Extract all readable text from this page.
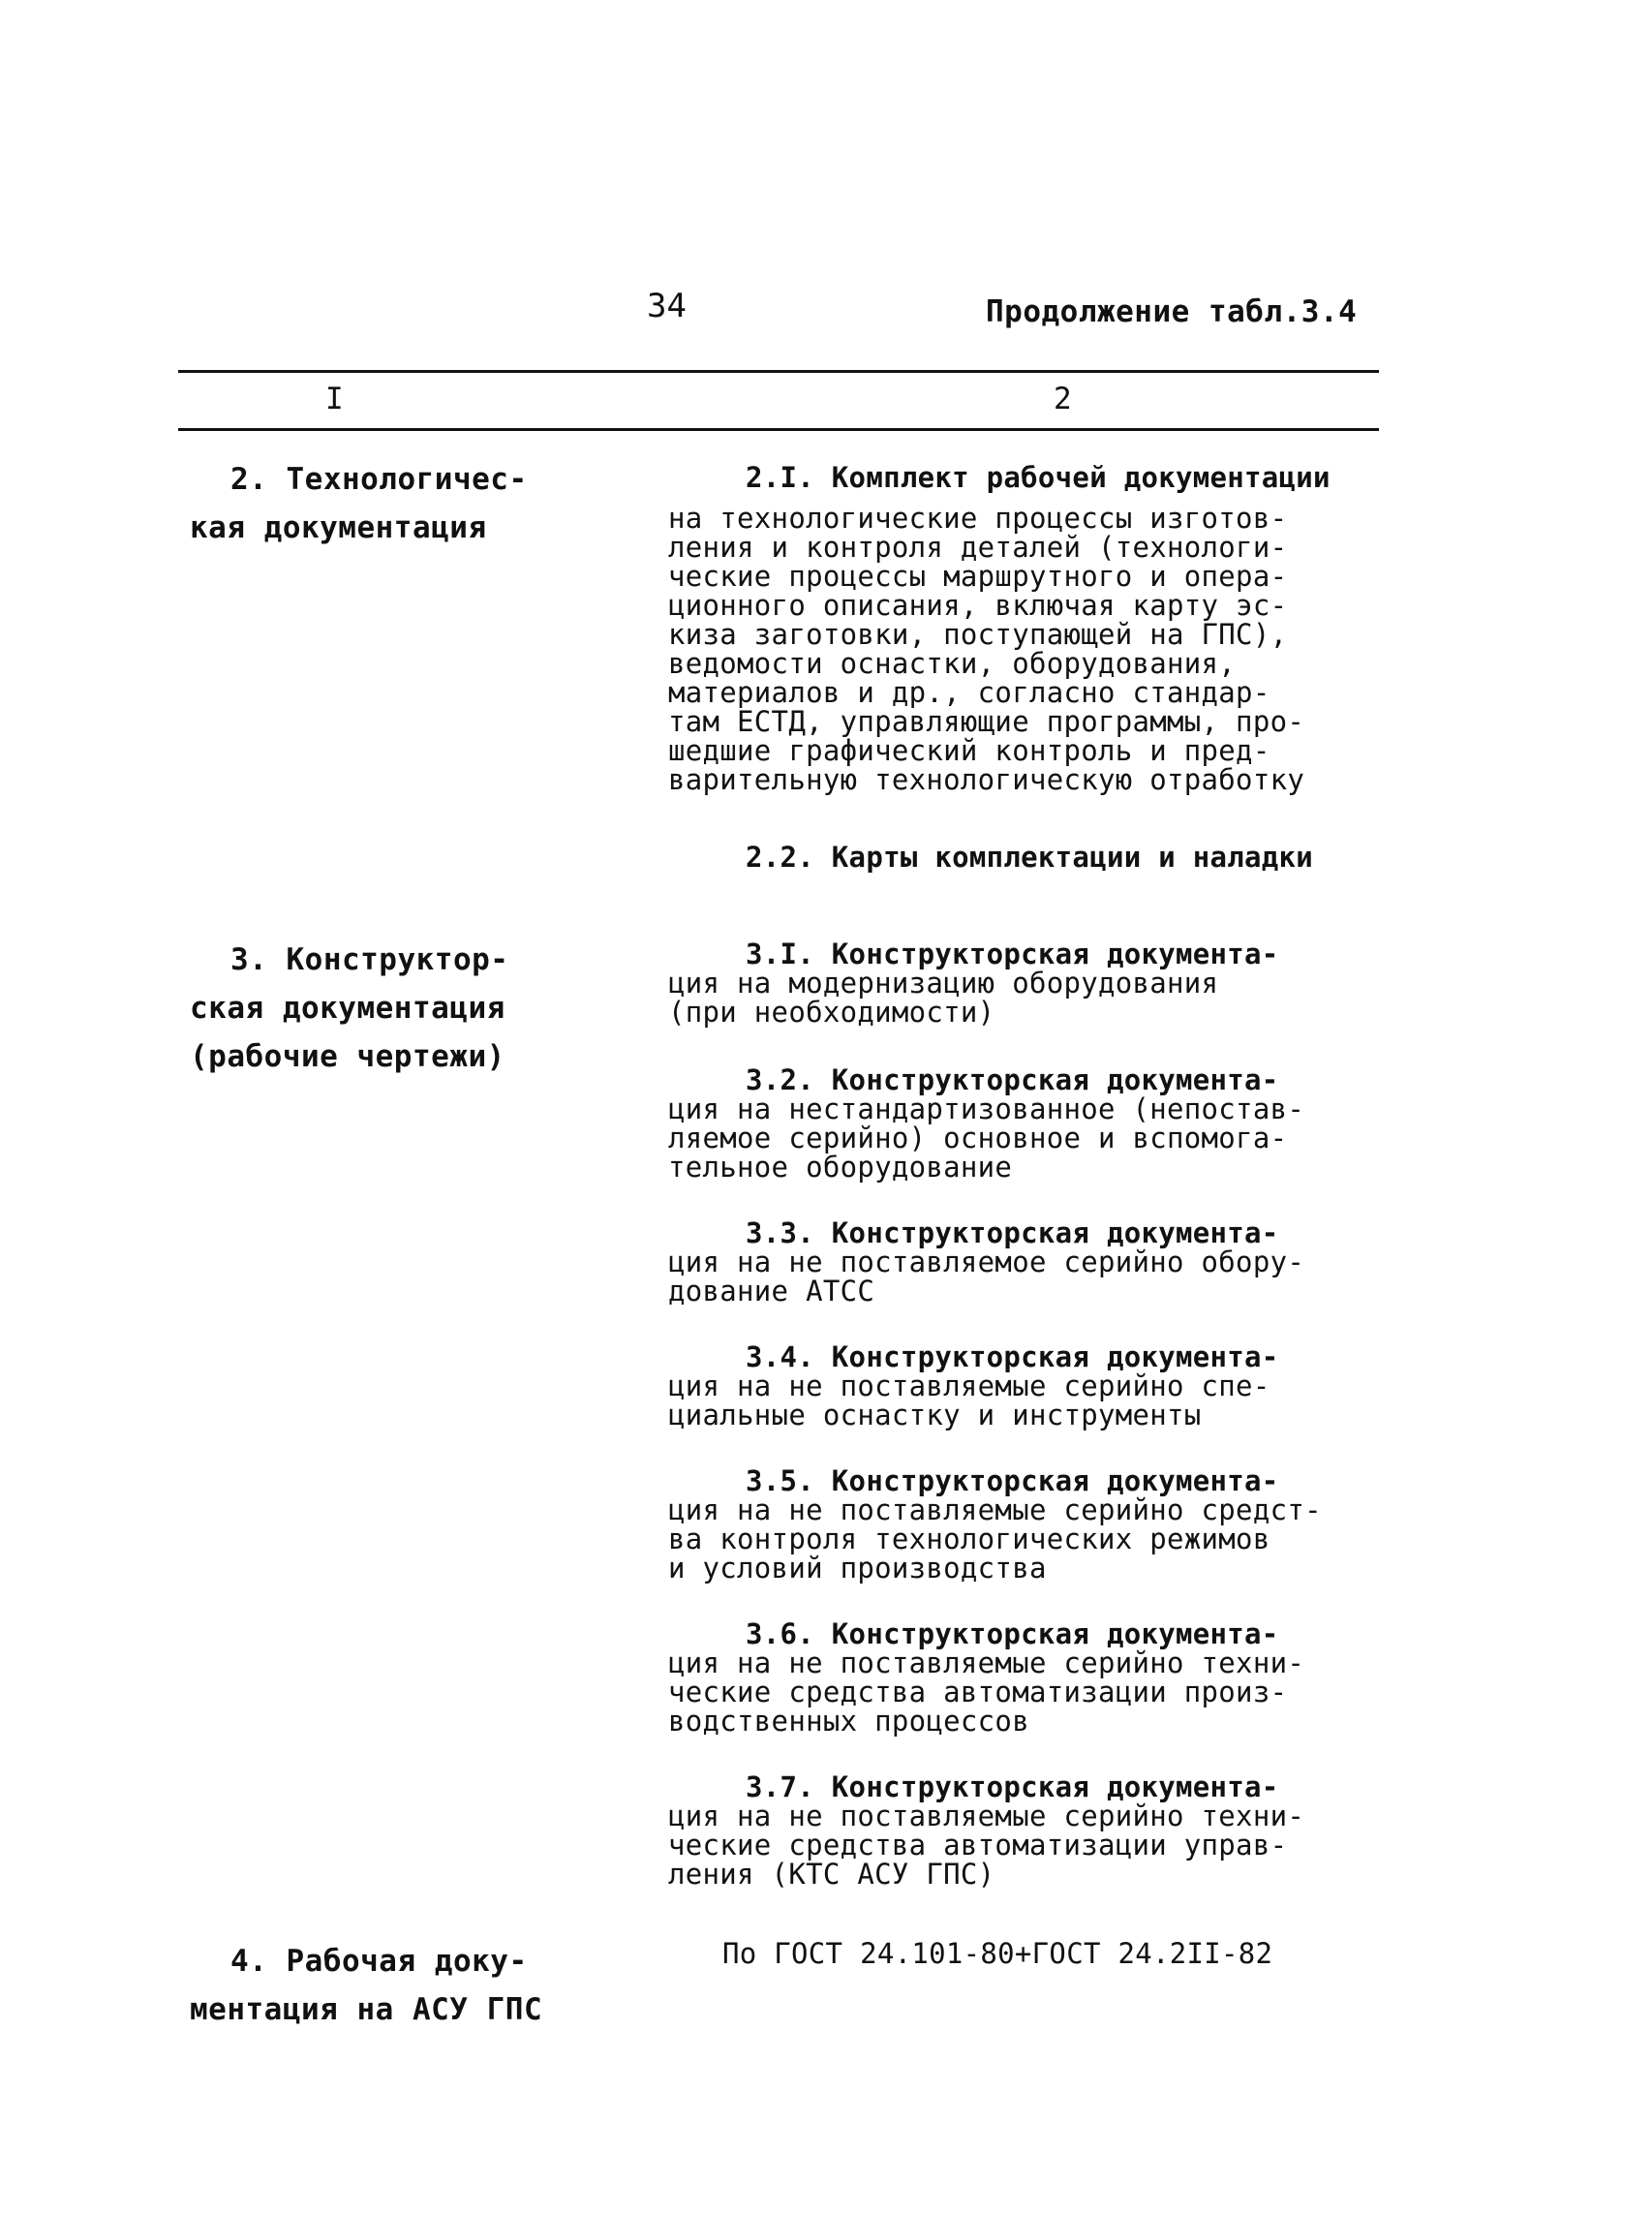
34	Продолжение табл.3.4
I	2
2. Технологичес-
кая документация
2.I. Комплект рабочей документации
на технологические процессы изготов-
ления и контроля деталей (технологи-
ческие процессы маршрутного и опера-
ционного описания, включая карту эс-
киза заготовки, поступающей на ГПС),
ведомости оснастки, оборудования,
материалов и др., согласно стандар-
там ЕСТД, управляющие программы, про-
шедшие графический контроль и пред-
варительную технологическую отработку
2.2. Карты комплектации и наладки
3. Конструктор-
ская документация
(рабочие чертежи)
3.I. Конструкторская документа-
ция на модернизацию оборудования
(при необходимости)
3.2. Конструкторская документа-
ция на нестандартизованное (непостав-
ляемое серийно) основное и вспомога-
тельное оборудование
3.3. Конструкторская документа-
ция на не поставляемое серийно обору-
дование АТСС
3.4. Конструкторская документа-
ция на не поставляемые серийно спе-
циальные оснастку и инструменты
3.5. Конструкторская документа-
ция на не поставляемые серийно средст-
ва контроля технологических режимов
и условий производства
3.6. Конструкторская документа-
ция на не поставляемые серийно техни-
ческие средства автоматизации произ-
водственных процессов
3.7. Конструкторская документа-
ция на не поставляемые серийно техни-
ческие средства автоматизации управ-
ления (КТС АСУ ГПС)
4. Рабочая доку-
ментация на АСУ ГПС
По ГОСТ 24.101-80+ГОСТ 24.2II-82
